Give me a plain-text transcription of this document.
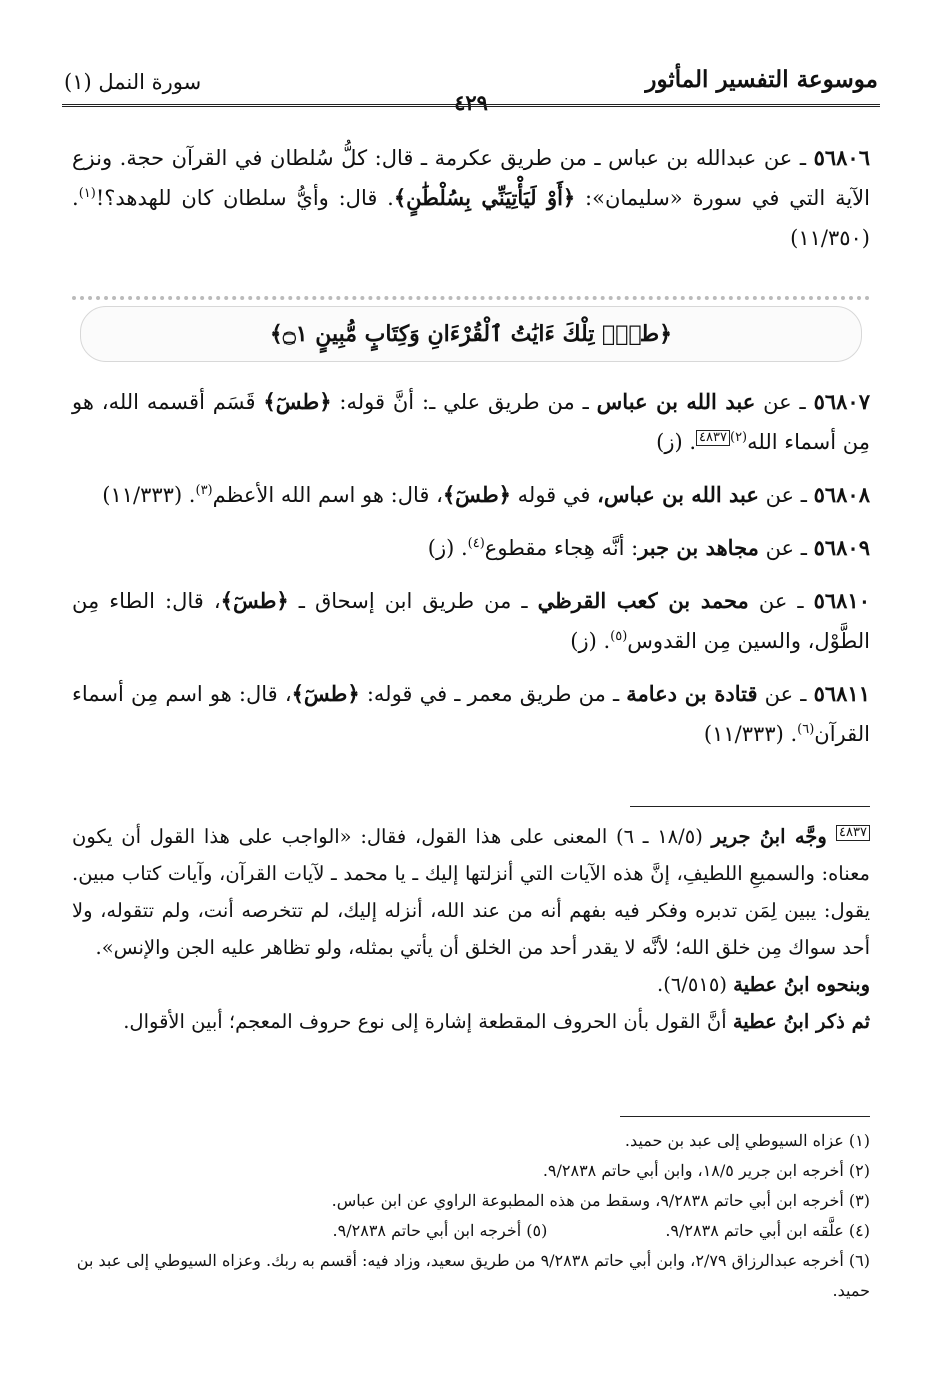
موسوعة التفسير المأثور
٤٢٩
سورة النمل (١)

٥٦٨٠٦ ـ عن عبدالله بن عباس ـ من طريق عكرمة ـ قال: كلُّ سُلطان في القرآن حجة. ونزع الآية التي في سورة «سليمان»: ﴿أَوْ لَيَأْتِيَنِّي بِسُلْطَٰنٍ﴾. قال: وأيُّ سلطان كان للهدهد؟!$^{(١)}$. (١١/٣٥٠)

﴿طسٓۚ تِلْكَ ءَايَٰتُ ٱلْقُرْءَانِ وَكِتَابٍ مُّبِينٍ ۝١﴾

٥٦٨٠٧ ـ عن عبد الله بن عباس ـ من طريق علي ـ: أنَّ قوله: ﴿طسٓ﴾ قَسَم أقسمه الله، هو مِن أسماء الله$^{(٢)}$٤٨٣٧. (ز)

٥٦٨٠٨ ـ عن عبد الله بن عباس، في قوله ﴿طسٓ﴾، قال: هو اسم الله الأعظم$^{(٣)}$. (١١/٣٣٣)

٥٦٨٠٩ ـ عن مجاهد بن جبر: أنَّه هِجاء مقطوع$^{(٤)}$. (ز)

٥٦٨١٠ ـ عن محمد بن كعب القرظي ـ من طريق ابن إسحاق ـ ﴿طسٓ﴾، قال: الطاء مِن الطَّوْل، والسين مِن القدوس$^{(٥)}$. (ز)

٥٦٨١١ ـ عن قتادة بن دعامة ـ من طريق معمر ـ في قوله: ﴿طسٓ﴾، قال: هو اسم مِن أسماء القرآن$^{(٦)}$. (١١/٣٣٣)

٤٨٣٧ وجَّه ابنُ جرير (١٨/٥ ـ ٦) المعنى على هذا القول، فقال: «الواجب على هذا القول أن يكون معناه: والسميعِ اللطيفِ، إنَّ هذه الآيات التي أنزلتها إليك ـ يا محمد ـ لآيات القرآن، وآيات كتاب مبين. يقول: يبين لِمَن تدبره وفكر فيه بفهم أنه من عند الله، أنزله إليك، لم تتخرصه أنت، ولم تتقوله، ولا أحد سواك مِن خلق الله؛ لأنَّه لا يقدر أحد من الخلق أن يأتي بمثله، ولو تظاهر عليه الجن والإنس».

وبنحوه ابنُ عطية (٦/٥١٥).

ثم ذكر ابنُ عطية أنَّ القول بأن الحروف المقطعة إشارة إلى نوع حروف المعجم؛ أبين الأقوال.

(١) عزاه السيوطي إلى عبد بن حميد.

(٢) أخرجه ابن جرير ١٨/٥، وابن أبي حاتم ٩/٢٨٣٨.

(٣) أخرجه ابن أبي حاتم ٩/٢٨٣٨، وسقط من هذه المطبوعة الراوي عن ابن عباس.

(٤) علَّقه ابن أبي حاتم ٩/٢٨٣٨.
(٥) أخرجه ابن أبي حاتم ٩/٢٨٣٨.

(٦) أخرجه عبدالرزاق ٢/٧٩، وابن أبي حاتم ٩/٢٨٣٨ من طريق سعيد، وزاد فيه: أقسم به ربك. وعزاه السيوطي إلى عبد بن حميد.
